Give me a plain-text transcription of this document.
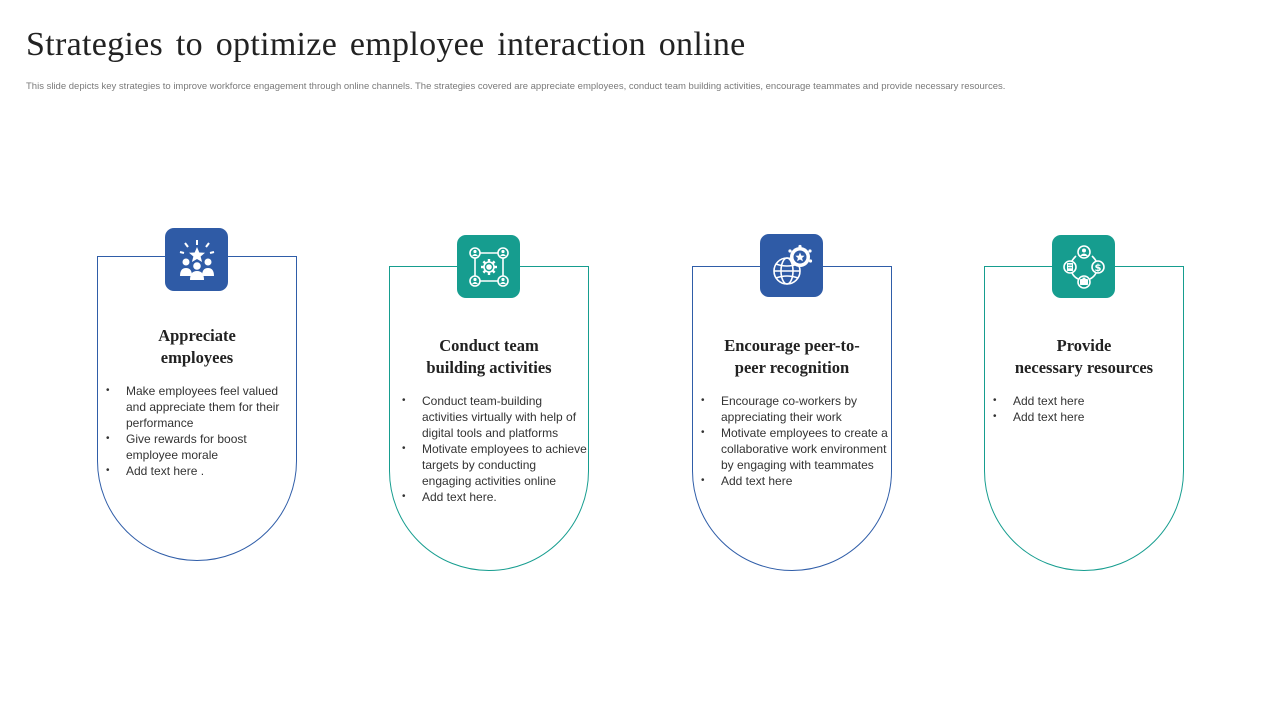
Strategies to optimize employee interaction online

This slide depicts key strategies to improve workforce engagement through online channels. The strategies covered are appreciate employees, conduct team building activities, encourage teammates and provide necessary resources.

Appreciate
employees
• Make employees feel valued and appreciate them for their performance
• Give rewards for boost employee morale
• Add text here .
Conduct team
building activities
• Conduct team-building activities virtually with help of digital tools and platforms
• Motivate employees to achieve targets by conducting engaging activities online
• Add text here.
Encourage peer-to-
peer recognition
• Encourage co-workers by appreciating their work
• Motivate employees to create a collaborative work environment by engaging with teammates
• Add text here
Provide
necessary resources
• Add text here
• Add text here
$
